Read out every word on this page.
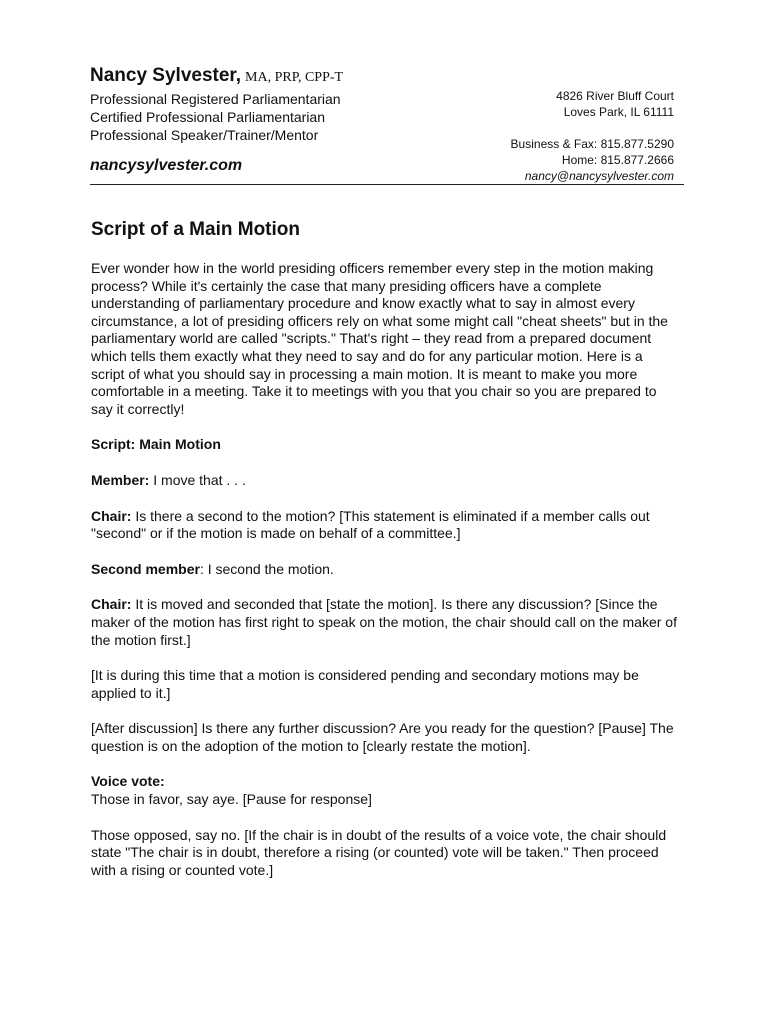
Nancy Sylvester, MA, PRP, CPP-T
Professional Registered Parliamentarian
Certified Professional Parliamentarian
Professional Speaker/Trainer/Mentor
nancysylvester.com
4826 River Bluff Court
Loves Park, IL 61111
Business & Fax: 815.877.5290
Home: 815.877.2666
nancy@nancysylvester.com
Script of a Main Motion

Ever wonder how in the world presiding officers remember every step in the motion making process? While it's certainly the case that many presiding officers have a complete understanding of parliamentary procedure and know exactly what to say in almost every circumstance, a lot of presiding officers rely on what some might call "cheat sheets" but in the parliamentary world are called "scripts." That's right – they read from a prepared document which tells them exactly what they need to say and do for any particular motion. Here is a script of what you should say in processing a main motion. It is meant to make you more comfortable in a meeting. Take it to meetings with you that you chair so you are prepared to say it correctly!

Script: Main Motion

Member: I move that . . .

Chair: Is there a second to the motion? [This statement is eliminated if a member calls out "second" or if the motion is made on behalf of a committee.]

Second member: I second the motion.

Chair: It is moved and seconded that [state the motion]. Is there any discussion? [Since the maker of the motion has first right to speak on the motion, the chair should call on the maker of the motion first.]

[It is during this time that a motion is considered pending and secondary motions may be applied to it.]

[After discussion] Is there any further discussion? Are you ready for the question? [Pause] The question is on the adoption of the motion to [clearly restate the motion].

Voice vote:
Those in favor, say aye. [Pause for response]

Those opposed, say no. [If the chair is in doubt of the results of a voice vote, the chair should state "The chair is in doubt, therefore a rising (or counted) vote will be taken." Then proceed with a rising or counted vote.]
